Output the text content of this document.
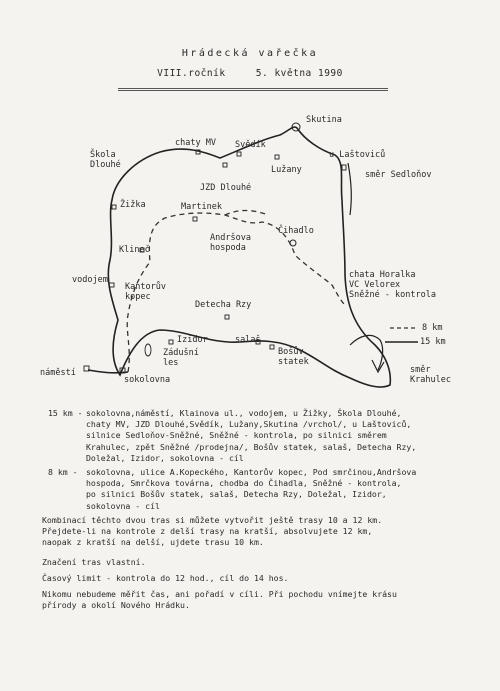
Hrádecká vařečka
VIII.ročník	5. května 1990
Skutina
Škola
Dlouhé
chaty MV Svědík
u Laštoviců
Lužany	směr Sedloňov
JZD Dlouhé
Žižka	Martinek
Čihadlo
Klineč
Andršova
hospoda
vodojem
Kantorův
kopec
chata Horalka
VC Velorex
Sněžné - kontrola
Detecha Rzy
8 km
15 km
Izidor
Zádušní
les
salaš
Bošův
statek
směr
Krahulec
náměstí
sokolovna
15 km - sokolovna,náměstí, Klainova ul., vodojem, u Žižky, Škola Dlouhé,
chaty MV, JZD Dlouhé,Svědík, Lužany,Skutina /vrchol/, u Laštoviců,
silnice Sedloňov-Sněžné, Sněžné - kontrola, po silnici směrem
Krahulec, zpět Sněžné /prodejna/, Bošův statek, salaš, Detecha Rzy,
Doležal, Izidor, sokolovna - cíl
8 km - sokolovna, ulice A.Kopeckého, Kantorův kopec, Pod smrčinou,Andršova
hospoda, Smrčkova továrna, chodba do Čihadla, Sněžné - kontrola,
po silnici Bošův statek, salaš, Detecha Rzy, Doležal, Izidor,
sokolovna - cíl
Kombinací těchto dvou tras si můžete vytvořit ještě trasy 10 a 12 km.
Přejdete-li na kontrole z delší trasy na kratší, absolvujete 12 km,
naopak z kratší na delší, ujdete trasu 10 km.
Značení tras vlastní.
Časový limit - kontrola do 12 hod., cíl do 14 hos.
Nikomu nebudeme měřit čas, ani pořadí v cíli. Při pochodu vnímejte krásu
přírody a okolí Nového Hrádku.
